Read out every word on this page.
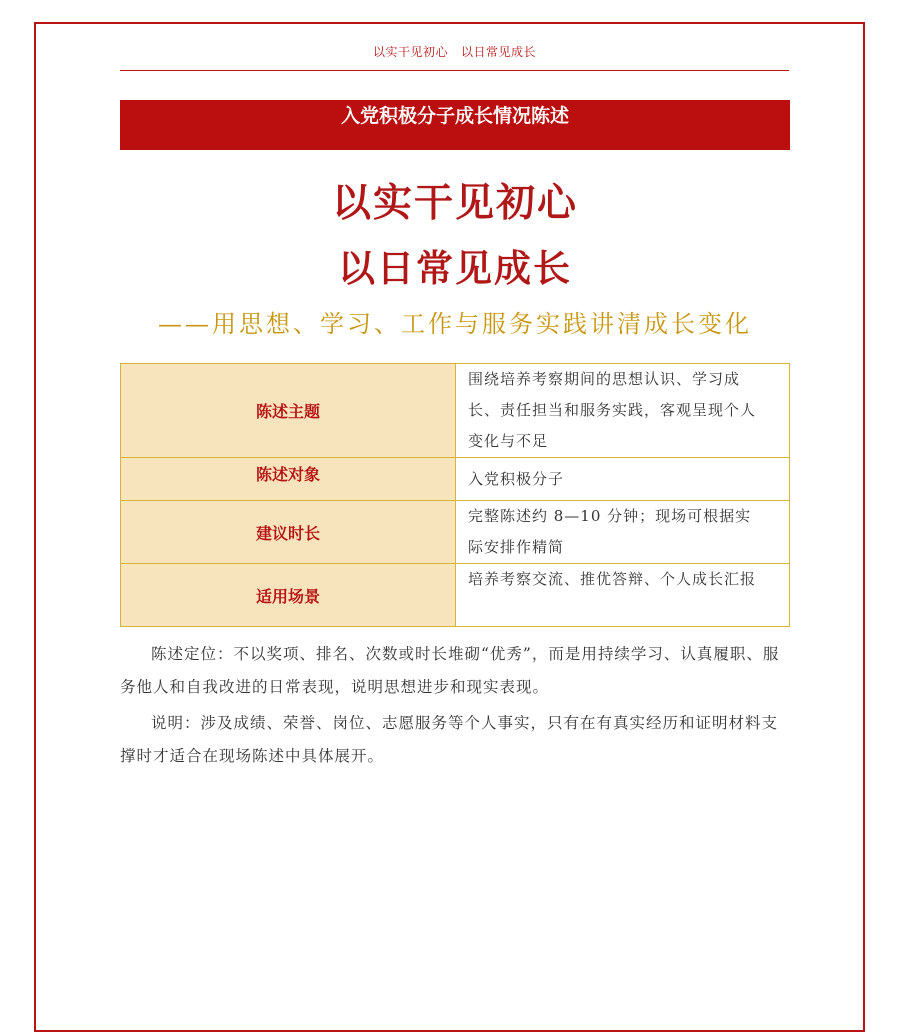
以实干见初心   以日常见成长
入党积极分子成长情况陈述
以实干见初心
以日常见成长
——用思想、学习、工作与服务实践讲清成长变化
陈述主题	围绕培养考察期间的思想认识、学习成长、责任担当和服务实践，客观呈现个人变化与不足
陈述对象	入党积极分子
建议时长	完整陈述约 8—10 分钟；现场可根据实际安排作精简
适用场景	培养考察交流、推优答辩、个人成长汇报

陈述定位：不以奖项、排名、次数或时长堆砌“优秀”，而是用持续学习、认真履职、服务他人和自我改进的日常表现，说明思想进步和现实表现。

说明：涉及成绩、荣誉、岗位、志愿服务等个人事实，只有在有真实经历和证明材料支撑时才适合在现场陈述中具体展开。
